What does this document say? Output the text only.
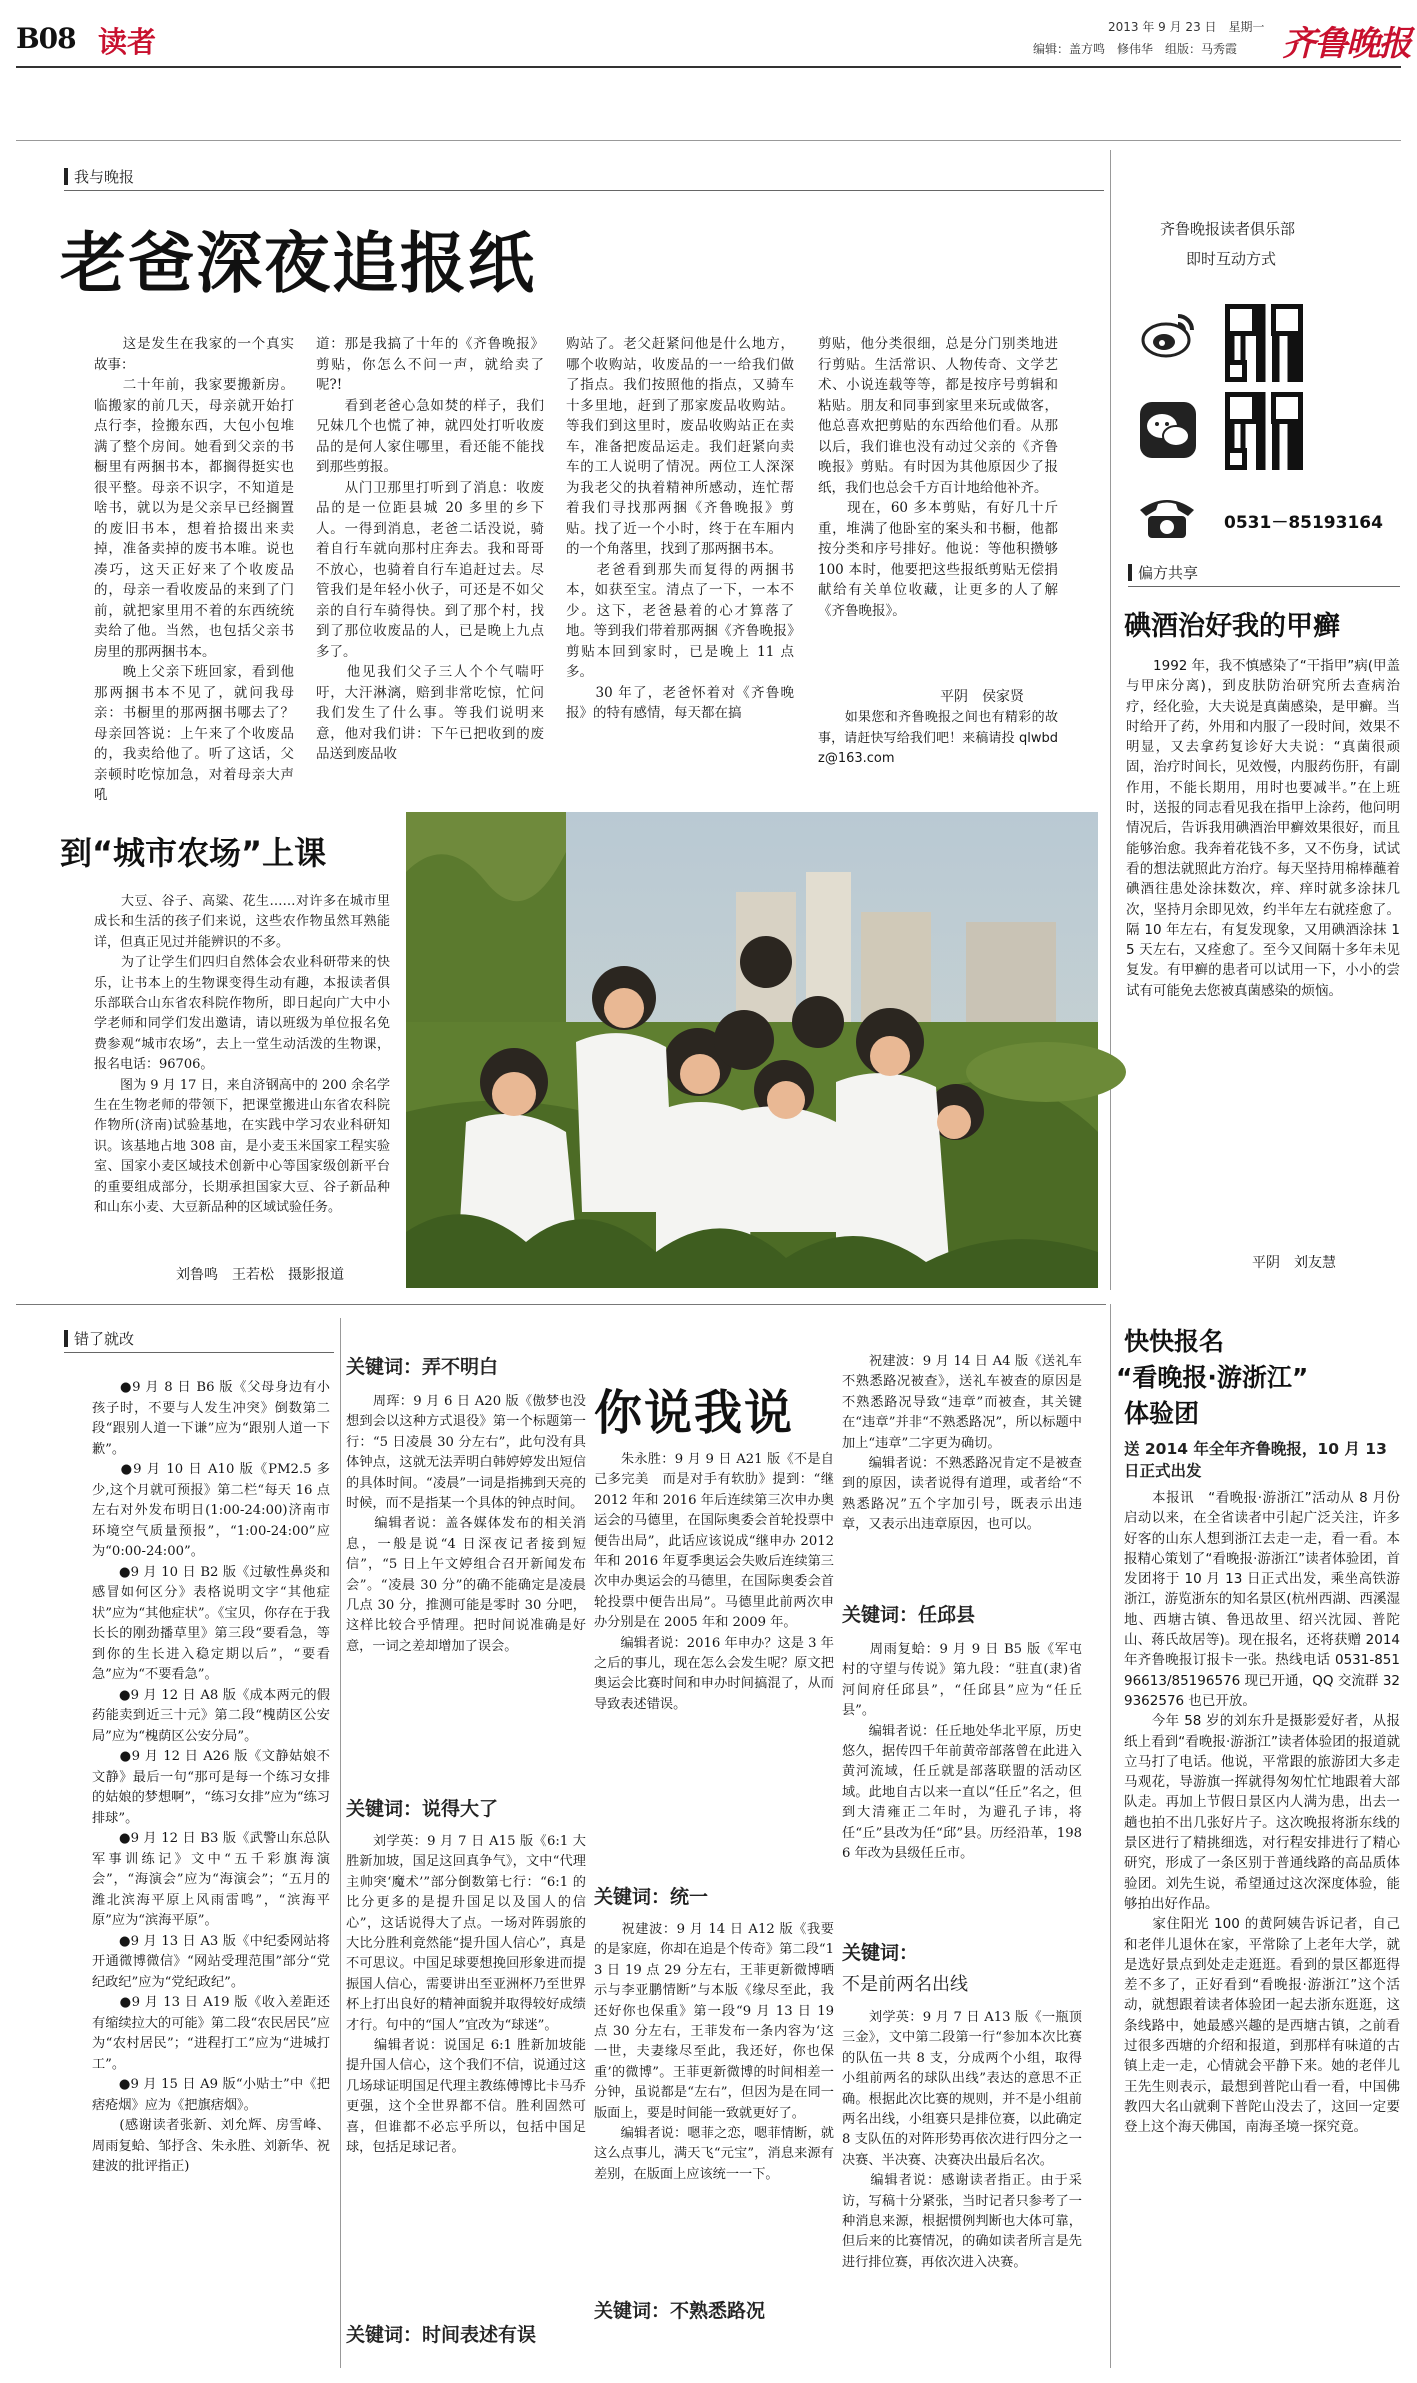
B08 读者	2013 年 9 月 23 日　星期一
编辑：盖方鸣　修伟华　组版：马秀霞 齐鲁晚报
我与晚报
老爸深夜追报纸
　　这是发生在我家的一个真实故事：
　　二十年前，我家要搬新房。临搬家的前几天，母亲就开始打点行李，捡搬东西，大包小包堆满了整个房间。她看到父亲的书橱里有两捆书本，都搁得挺实也很平整。母亲不识字，不知道是啥书，就以为是父亲早已经搁置的废旧书本，想着拾掇出来卖掉，准备卖掉的废书本唯。说也凑巧，这天正好来了个收废品的，母亲一看收废品的来到了门前，就把家里用不着的东西统统卖给了他。当然，也包括父亲书房里的那两捆书本。
　　晚上父亲下班回家，看到他那两捆书本不见了，就问我母亲：书橱里的那两捆书哪去了？母亲回答说：上午来了个收废品的，我卖给他了。听了这话，父亲顿时吃惊加急，对着母亲大声吼
道：那是我搞了十年的《齐鲁晚报》剪贴，你怎么不问一声，就给卖了呢?!
　　看到老爸心急如焚的样子，我们兄妹几个也慌了神，就四处打听收废品的是何人家住哪里，看还能不能找到那些剪报。
　　从门卫那里打听到了消息：收废品的是一位距县城 20 多里的乡下人。一得到消息，老爸二话没说，骑着自行车就向那村庄奔去。我和哥哥不放心，也骑着自行车追赶过去。尽管我们是年轻小伙子，可还是不如父亲的自行车骑得快。到了那个村，找到了那位收废品的人，已是晚上九点多了。
　　他见我们父子三人个个气喘吁吁，大汗淋漓，赔到非常吃惊，忙问我们发生了什么事。等我们说明来意，他对我们讲：下午已把收到的废品送到废品收
购站了。老父赶紧问他是什么地方，哪个收购站，收废品的一一给我们做了指点。我们按照他的指点，又骑车十多里地，赶到了那家废品收购站。等我们到这里时，废品收购站正在卖车，准备把废品运走。我们赶紧向卖车的工人说明了情况。两位工人深深为我老父的执着精神所感动，连忙帮着我们寻找那两捆《齐鲁晚报》剪贴。找了近一个小时，终于在车厢内的一个角落里，找到了那两捆书本。
　　老爸看到那失而复得的两捆书本，如获至宝。清点了一下，一本不少。这下，老爸悬着的心才算落了地。等到我们带着那两捆《齐鲁晚报》剪贴本回到家时，已是晚上 11 点多。
　　30 年了，老爸怀着对《齐鲁晚报》的特有感情，每天都在搞
剪贴，他分类很细，总是分门别类地进行剪贴。生活常识、人物传奇、文学艺术、小说连载等等，都是按序号剪辑和粘贴。朋友和同事到家里来玩或做客，他总喜欢把剪贴的东西给他们看。从那以后，我们谁也没有动过父亲的《齐鲁晚报》剪贴。有时因为其他原因少了报纸，我们也总会千方百计地给他补齐。
　　现在，60 多本剪贴，有好几十斤重，堆满了他卧室的案头和书橱，他都按分类和序号排好。他说：等他积攒够 100 本时，他要把这些报纸剪贴无偿捐献给有关单位收藏，让更多的人了解《齐鲁晚报》。
平阴　侯家贤
　　如果您和齐鲁晚报之间也有精彩的故事，请赶快写给我们吧！来稿请投 qlwbdz@163.com
齐鲁晚报读者俱乐部
即时互动方式
0531－85193164
偏方共享
碘酒治好我的甲癣
　　1992 年，我不慎感染了“干指甲”病(甲盖与甲床分离)，到皮肤防治研究所去查病治疗，经化验，大夫说是真菌感染，是甲癣。当时给开了药，外用和内服了一段时间，效果不明显，又去拿药复诊好大夫说：“真菌很顽固，治疗时间长，见效慢，内服药伤肝，有副作用，不能长期用，用时也要减半。”在上班时，送报的同志看见我在指甲上涂药，他问明情况后，告诉我用碘酒治甲癣效果很好，而且能够治愈。我奔着花钱不多，又不伤身，试试看的想法就照此方治疗。每天坚持用棉棒蘸着碘酒往患处涂抹数次，痒、痒时就多涂抹几次，坚持月余即见效，约半年左右就痊愈了。隔 10 年左右，有复发现象，又用碘酒涂抹 15 天左右，又痊愈了。至今又间隔十多年未见复发。有甲癣的患者可以试用一下，小小的尝试有可能免去您被真菌感染的烦恼。
平阴　刘友慧
到“城市农场”上课
　　大豆、谷子、高粱、花生……对许多在城市里成长和生活的孩子们来说，这些农作物虽然耳熟能详，但真正见过并能辨识的不多。
　　为了让学生们四归自然体会农业科研带来的快乐，让书本上的生物课变得生动有趣，本报读者俱乐部联合山东省农科院作物所，即日起向广大中小学老师和同学们发出邀请，请以班级为单位报名免费参观“城市农场”，去上一堂生动活泼的生物课，报名电话：96706。
　　图为 9 月 17 日，来自济钢高中的 200 余名学生在生物老师的带领下，把课堂搬进山东省农科院作物所(济南)试验基地，在实践中学习农业科研知识。该基地占地 308 亩，是小麦玉米国家工程实验室、国家小麦区域技术创新中心等国家级创新平台的重要组成部分，长期承担国家大豆、谷子新品种和山东小麦、大豆新品种的区域试验任务。
刘鲁鸣　王若松　摄影报道
错了就改
　　●9 月 8 日 B6 版《父母身边有小孩子时，不要与人发生冲突》倒数第二段“跟别人道一下谦”应为“跟别人道一下歉”。
　　●9 月 10 日 A10 版《PM2.5 多少,这个月就可预报》第二栏“每天 16 点左右对外发布明日(1:00-24:00)济南市环境空气质量预报”，“1:00-24:00”应为“0:00-24:00”。
　　●9 月 10 日 B2 版《过敏性鼻炎和感冒如何区分》表格说明文字“其他症状”应为“其他症状”。《宝贝，你存在于我长长的刚劲播草里》第三段“要看急，等到你的生长进入稳定期以后”，“要看急”应为“不要看急”。
　　●9 月 12 日 A8 版《成本两元的假药能卖到近三十元》第二段“槐荫区公安局”应为“槐荫区公安分局”。
　　●9 月 12 日 A26 版《文静姑娘不文静》最后一句“那可是每一个练习女排的姑娘的梦想啊”，“练习女排”应为“练习排球”。
　　●9 月 12 日 B3 版《武警山东总队军事训练记》文中“五千彩旗海演会”，“海演会”应为“海演会”；“五月的潍北滨海平原上风雨雷鸣”，“滨海平原”应为“滨海平原”。
　　●9 月 13 日 A3 版《中纪委网站将开通微博微信》“网站受理范围”部分“党纪政纪”应为“党纪政纪”。
　　●9 月 13 日 A19 版《收入差距还有缩续拉大的可能》第二段“农民居民”应为“农村居民”；“进程打工”应为“进城打工”。
　　●9 月 15 日 A9 版“小贴士”中《把痞疮烟》应为《把旗痞烟》。
　　(感谢读者张新、刘允辉、房雪峰、周雨复蛤、邹抒含、朱永胜、刘新华、祝建波的批评指正)
你说我说
关键词：弄不明白
　　周珲：9 月 6 日 A20 版《傲梦也没想到会以这种方式退役》第一个标题第一行：“5 日凌晨 30 分左右”，此句没有具体钟点，这就无法弄明白韩婷婷发出短信的具体时间。“凌晨”一词是指拂到天亮的时候，而不是指某一个具体的钟点时间。
　　编辑者说：盖各媒体发布的相关消息，一般是说“4 日深夜记者接到短信”，“5 日上午文婷组合召开新闻发布会”。“凌晨 30 分”的确不能确定是凌晨几点 30 分，推测可能是零时 30 分吧，这样比较合乎情理。把时间说准确是好意，一词之差却增加了误会。
关键词：说得大了
　　刘学英：9 月 7 日 A15 版《6:1 大胜新加坡，国足这回真争气》，文中“代理主帅突‘魔术’”部分倒数第七行：“6:1 的比分更多的是提升国足以及国人的信心”，这话说得大了点。一场对阵弱旅的大比分胜利竟然能“提升国人信心”，真是不可思议。中国足球要想挽回形象进而提振国人信心，需要讲出至亚洲杯乃至世界杯上打出良好的精神面貌并取得较好成绩才行。句中的“国人”宜改为“球迷”。
　　编辑者说：说国足 6:1 胜新加坡能提升国人信心，这个我们不信，说通过这几场球证明国足代理主教练傅博比卡马乔更强，这个全世界都不信。胜利固然可喜，但谁都不必忘乎所以，包括中国足球，包括足球记者。
关键词：时间表述有误
　　朱永胜：9 月 9 日 A21 版《不是自己多完美　而是对手有软肋》提到：“继 2012 年和 2016 年后连续第三次申办奥运会的马德里，在国际奥委会首轮投票中便告出局”，此话应该说成“继申办 2012 年和 2016 年夏季奥运会失败后连续第三次申办奥运会的马德里，在国际奥委会首轮投票中便告出局”。马德里此前两次申办分别是在 2005 年和 2009 年。
　　编辑者说：2016 年申办？这是 3 年之后的事儿，现在怎么会发生呢？原文把奥运会比赛时间和申办时间搞混了，从而导致表述错误。
关键词：统一
　　祝建波：9 月 14 日 A12 版《我要的是家庭，你却在追是个传奇》第二段“13 日 19 点 29 分左右，王菲更新微博晒示与李亚鹏情断”与本版《缘尽至此，我还好你也保重》第一段“9 月 13 日 19 点 30 分左右，王菲发布一条内容为‘这一世，夫妻缘尽至此，我还好，你也保重’的微博”。王菲更新微博的时间相差一分钟，虽说都是“左右”，但因为是在同一版面上，要是时间能一致就更好了。
　　编辑者说：嗯菲之恋，嗯菲情断，就这么点事儿，满天飞“元宝”，消息来源有差别，在版面上应该统一一下。
关键词：不熟悉路况
　　祝建波：9 月 14 日 A4 版《送礼车不熟悉路况被查》，送礼车被查的原因是不熟悉路况导致“违章”而被查，其关键在“违章”并非“不熟悉路况”，所以标题中加上“违章”二字更为确切。
　　编辑者说：不熟悉路况肯定不是被查到的原因，读者说得有道理，或者给“不熟悉路况”五个字加引号，既表示出违章，又表示出违章原因，也可以。
关键词：任邱县
　　周雨复蛤：9 月 9 日 B5 版《军屯村的守望与传说》第九段：“驻直(隶)省河间府任邱县”，“任邱县”应为“任丘县”。
　　编辑者说：任丘地处华北平原，历史悠久，据传四千年前黄帝部落曾在此进入黄河流域，任丘就是部落联盟的活动区域。此地自古以来一直以“任丘”名之，但到大清雍正二年时，为避孔子讳，将任“丘”县改为任“邱”县。历经沿革，1986 年改为县级任丘市。
关键词：
不是前两名出线
　　刘学英：9 月 7 日 A13 版《一瓶顶三金》，文中第二段第一行“参加本次比赛的队伍一共 8 支，分成两个小组，取得小组前两名的球队出线”表达的意思不正确。根据此次比赛的规则，并不是小组前两名出线，小组赛只是排位赛，以此确定 8 支队伍的对阵形势再依次进行四分之一决赛、半决赛、决赛决出最后名次。
　　编辑者说：感谢读者指正。由于采访，写稿十分紧张，当时记者只参考了一种消息来源，根据惯例判断也大体可靠，但后来的比赛情况，的确如读者所言是先进行排位赛，再依次进入决赛。
快快报名
“看晚报·游浙江”
体验团
送 2014 年全年齐鲁晚报，10 月 13 日正式出发
　　本报讯　“看晚报·游浙江”活动从 8 月份启动以来，在全省读者中引起广泛关注，许多好客的山东人想到浙江去走一走，看一看。本报精心策划了“看晚报·游浙江”读者体验团，首发团将于 10 月 13 日正式出发，乘坐高铁游浙江，游览浙东的知名景区(杭州西湖、西溪湿地、西塘古镇、鲁迅故里、绍兴沈园、普陀山、蒋氏故居等)。现在报名，还将获赠 2014 年齐鲁晚报订报卡一张。热线电话 0531-85196613/85196576 现已开通，QQ 交流群 329362576 也已开放。
　　今年 58 岁的刘东升是摄影爱好者，从报纸上看到“看晚报·游浙江”读者体验团的报道就立马打了电话。他说，平常跟的旅游团大多走马观花，导游旗一挥就得匆匆忙忙地跟着大部队走。再加上节假日景区内人满为患，出去一趟也拍不出几张好片子。这次晚报将浙东线的景区进行了精挑细选，对行程安排进行了精心研究，形成了一条区别于普通线路的高品质体验团。刘先生说，希望通过这次深度体验，能够拍出好作品。
　　家住阳光 100 的黄阿姨告诉记者，自己和老伴儿退休在家，平常除了上老年大学，就是选好景点到处走走逛逛。看到的景区都逛得差不多了，正好看到“看晚报·游浙江”这个活动，就想跟着读者体验团一起去浙东逛逛，这条线路中，她最感兴趣的是西塘古镇，之前看过很多西塘的介绍和报道，到那样有味道的古镇上走一走，心情就会平静下来。她的老伴儿王先生则表示，最想到普陀山看一看，中国佛教四大名山就剩下普陀山没去了，这回一定要登上这个海天佛国，南海圣境一探究竟。
